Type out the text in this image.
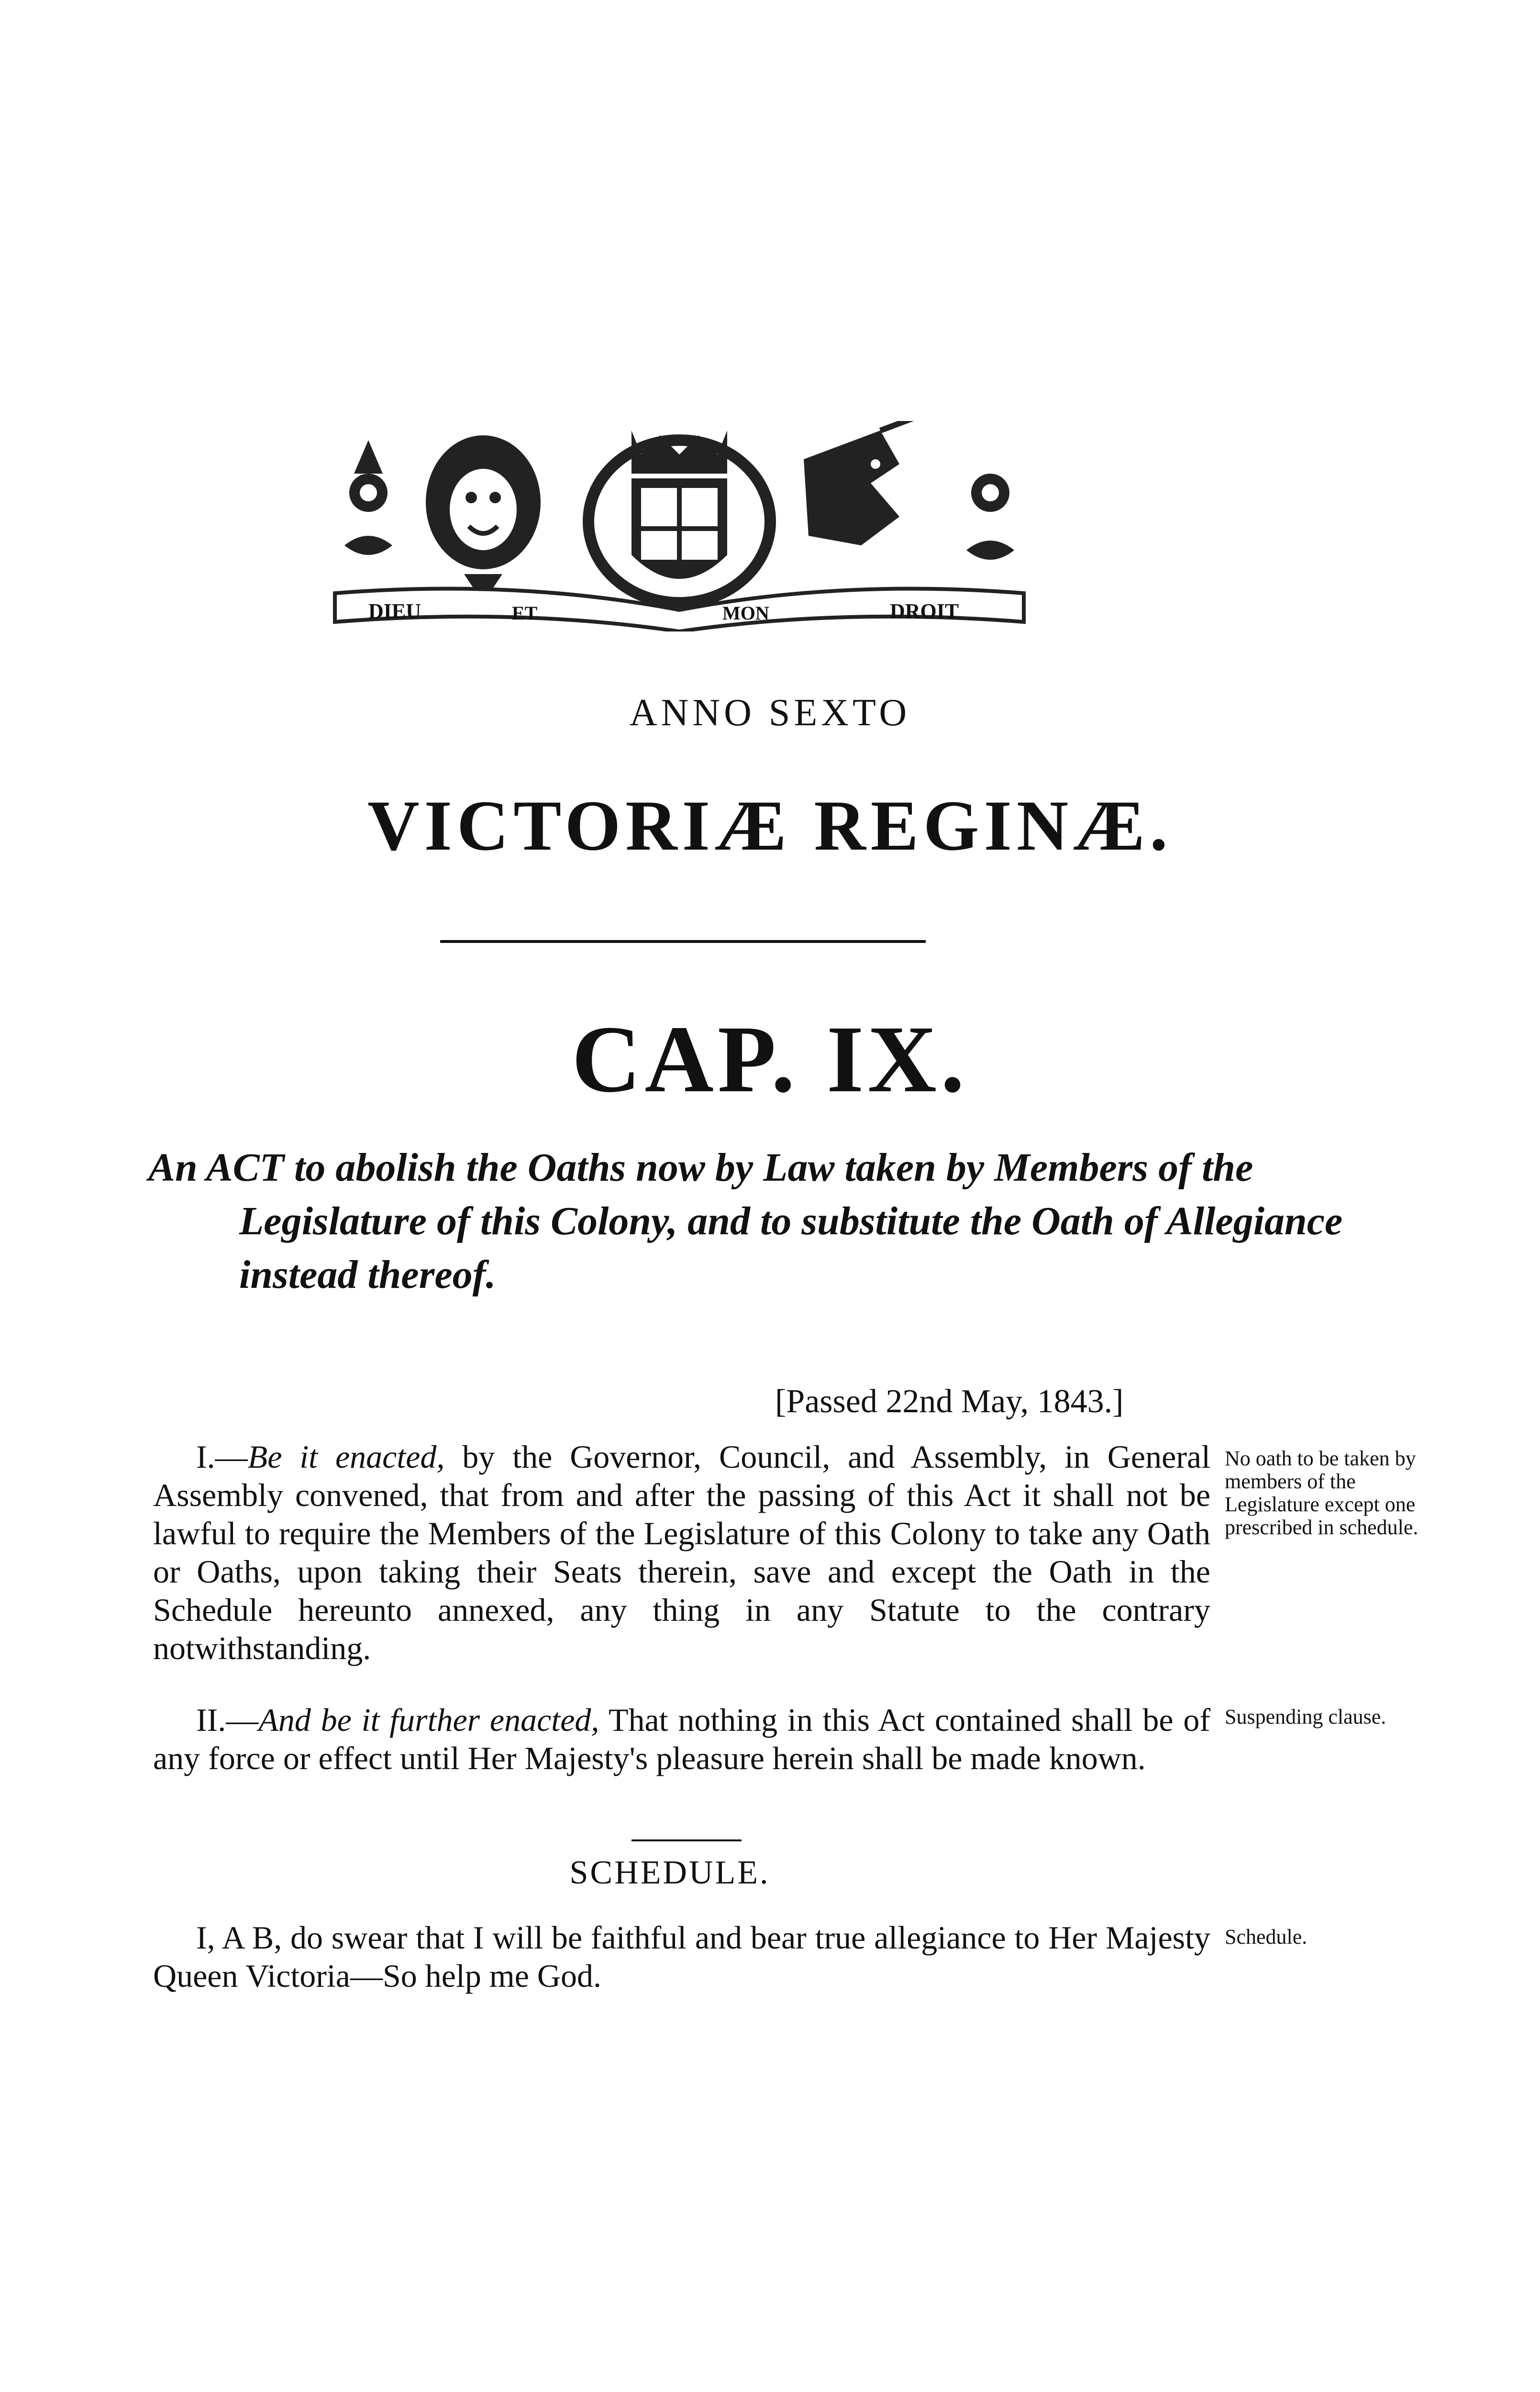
DIEU	ET	MON	DROIT
HONI SOIT
ANNO SEXTO
VICTORIÆ REGINÆ.
CAP. IX.
An ACT to abolish the Oaths now by Law taken by Members of the Legislature of this Colony, and to substitute the Oath of Allegiance instead thereof.
[Passed 22nd May, 1843.]
I.—Be it enacted, by the Governor, Council, and Assembly, in General Assembly convened, that from and after the passing of this Act it shall not be lawful to require the Members of the Legislature of this Colony to take any Oath or Oaths, upon taking their Seats therein, save and except the Oath in the Schedule hereunto annexed, any thing in any Statute to the contrary notwithstanding.
No oath to be taken by members of the Legislature except one prescribed in schedule.
II.—And be it further enacted, That nothing in this Act contained shall be of any force or effect until Her Majesty's pleasure herein shall be made known.
Suspending clause.
SCHEDULE.
I, A B, do swear that I will be faithful and bear true allegiance to Her Majesty Queen Victoria—So help me God.
Schedule.
